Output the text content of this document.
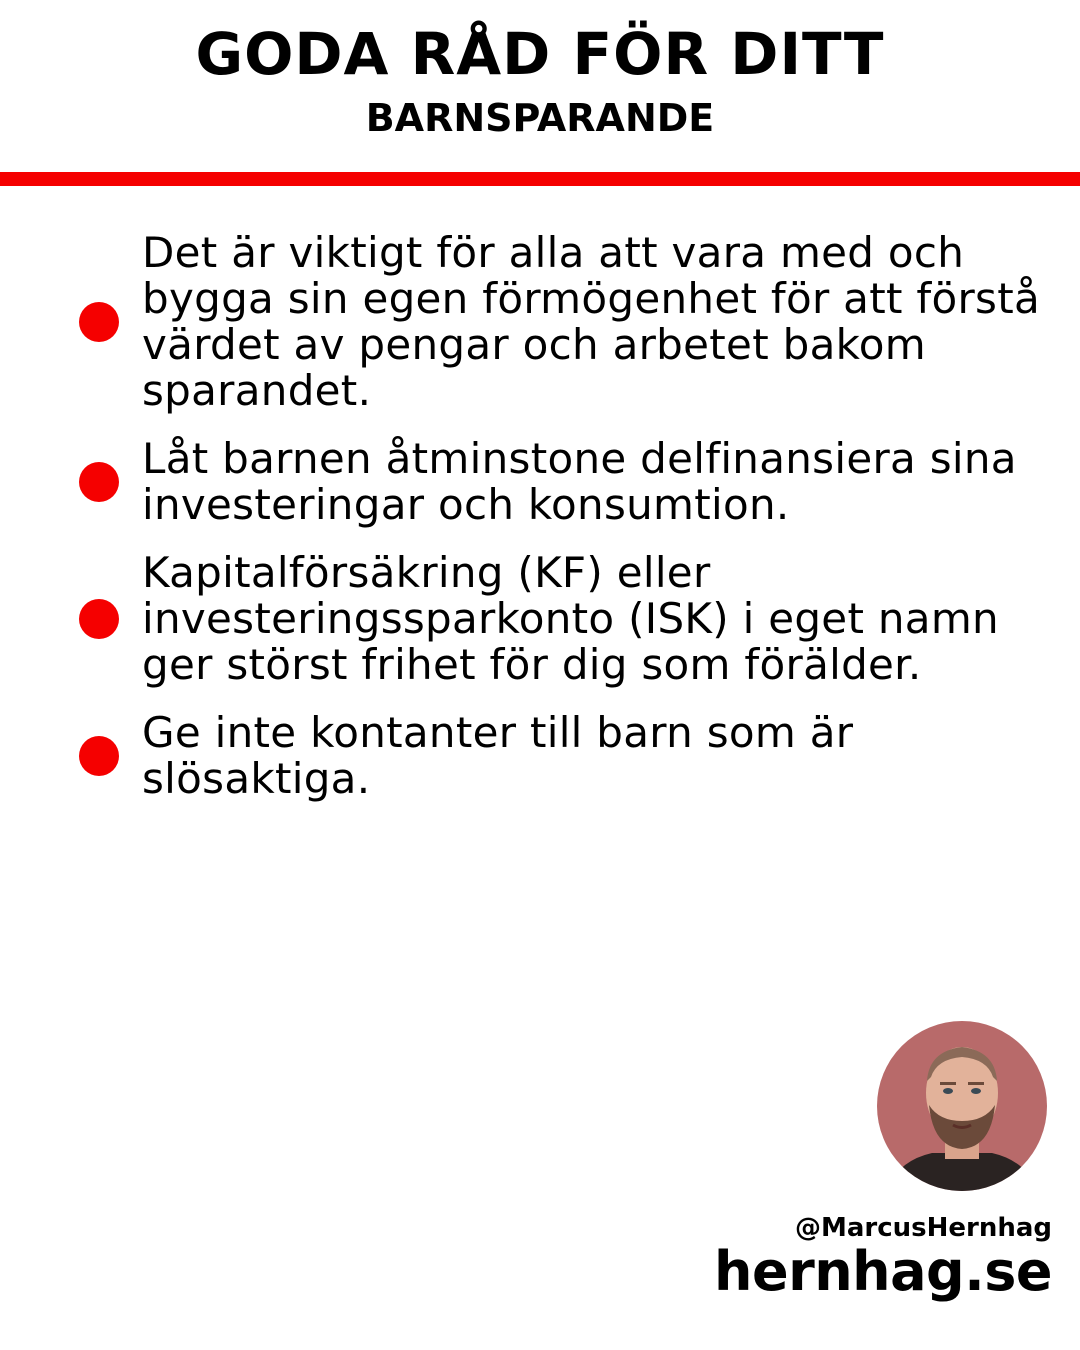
GODA RÅD FÖR DITT
BARNSPARANDE
Det är viktigt för alla att vara med och bygga sin egen förmögenhet för att förstå värdet av pengar och arbetet bakom sparandet.
Låt barnen åtminstone delfinansiera sina investeringar och konsumtion.
Kapitalförsäkring (KF) eller investeringssparkonto (ISK) i eget namn ger störst frihet för dig som förälder.
Ge inte kontanter till barn som är slösaktiga.
@MarcusHernhag
hernhag.se
